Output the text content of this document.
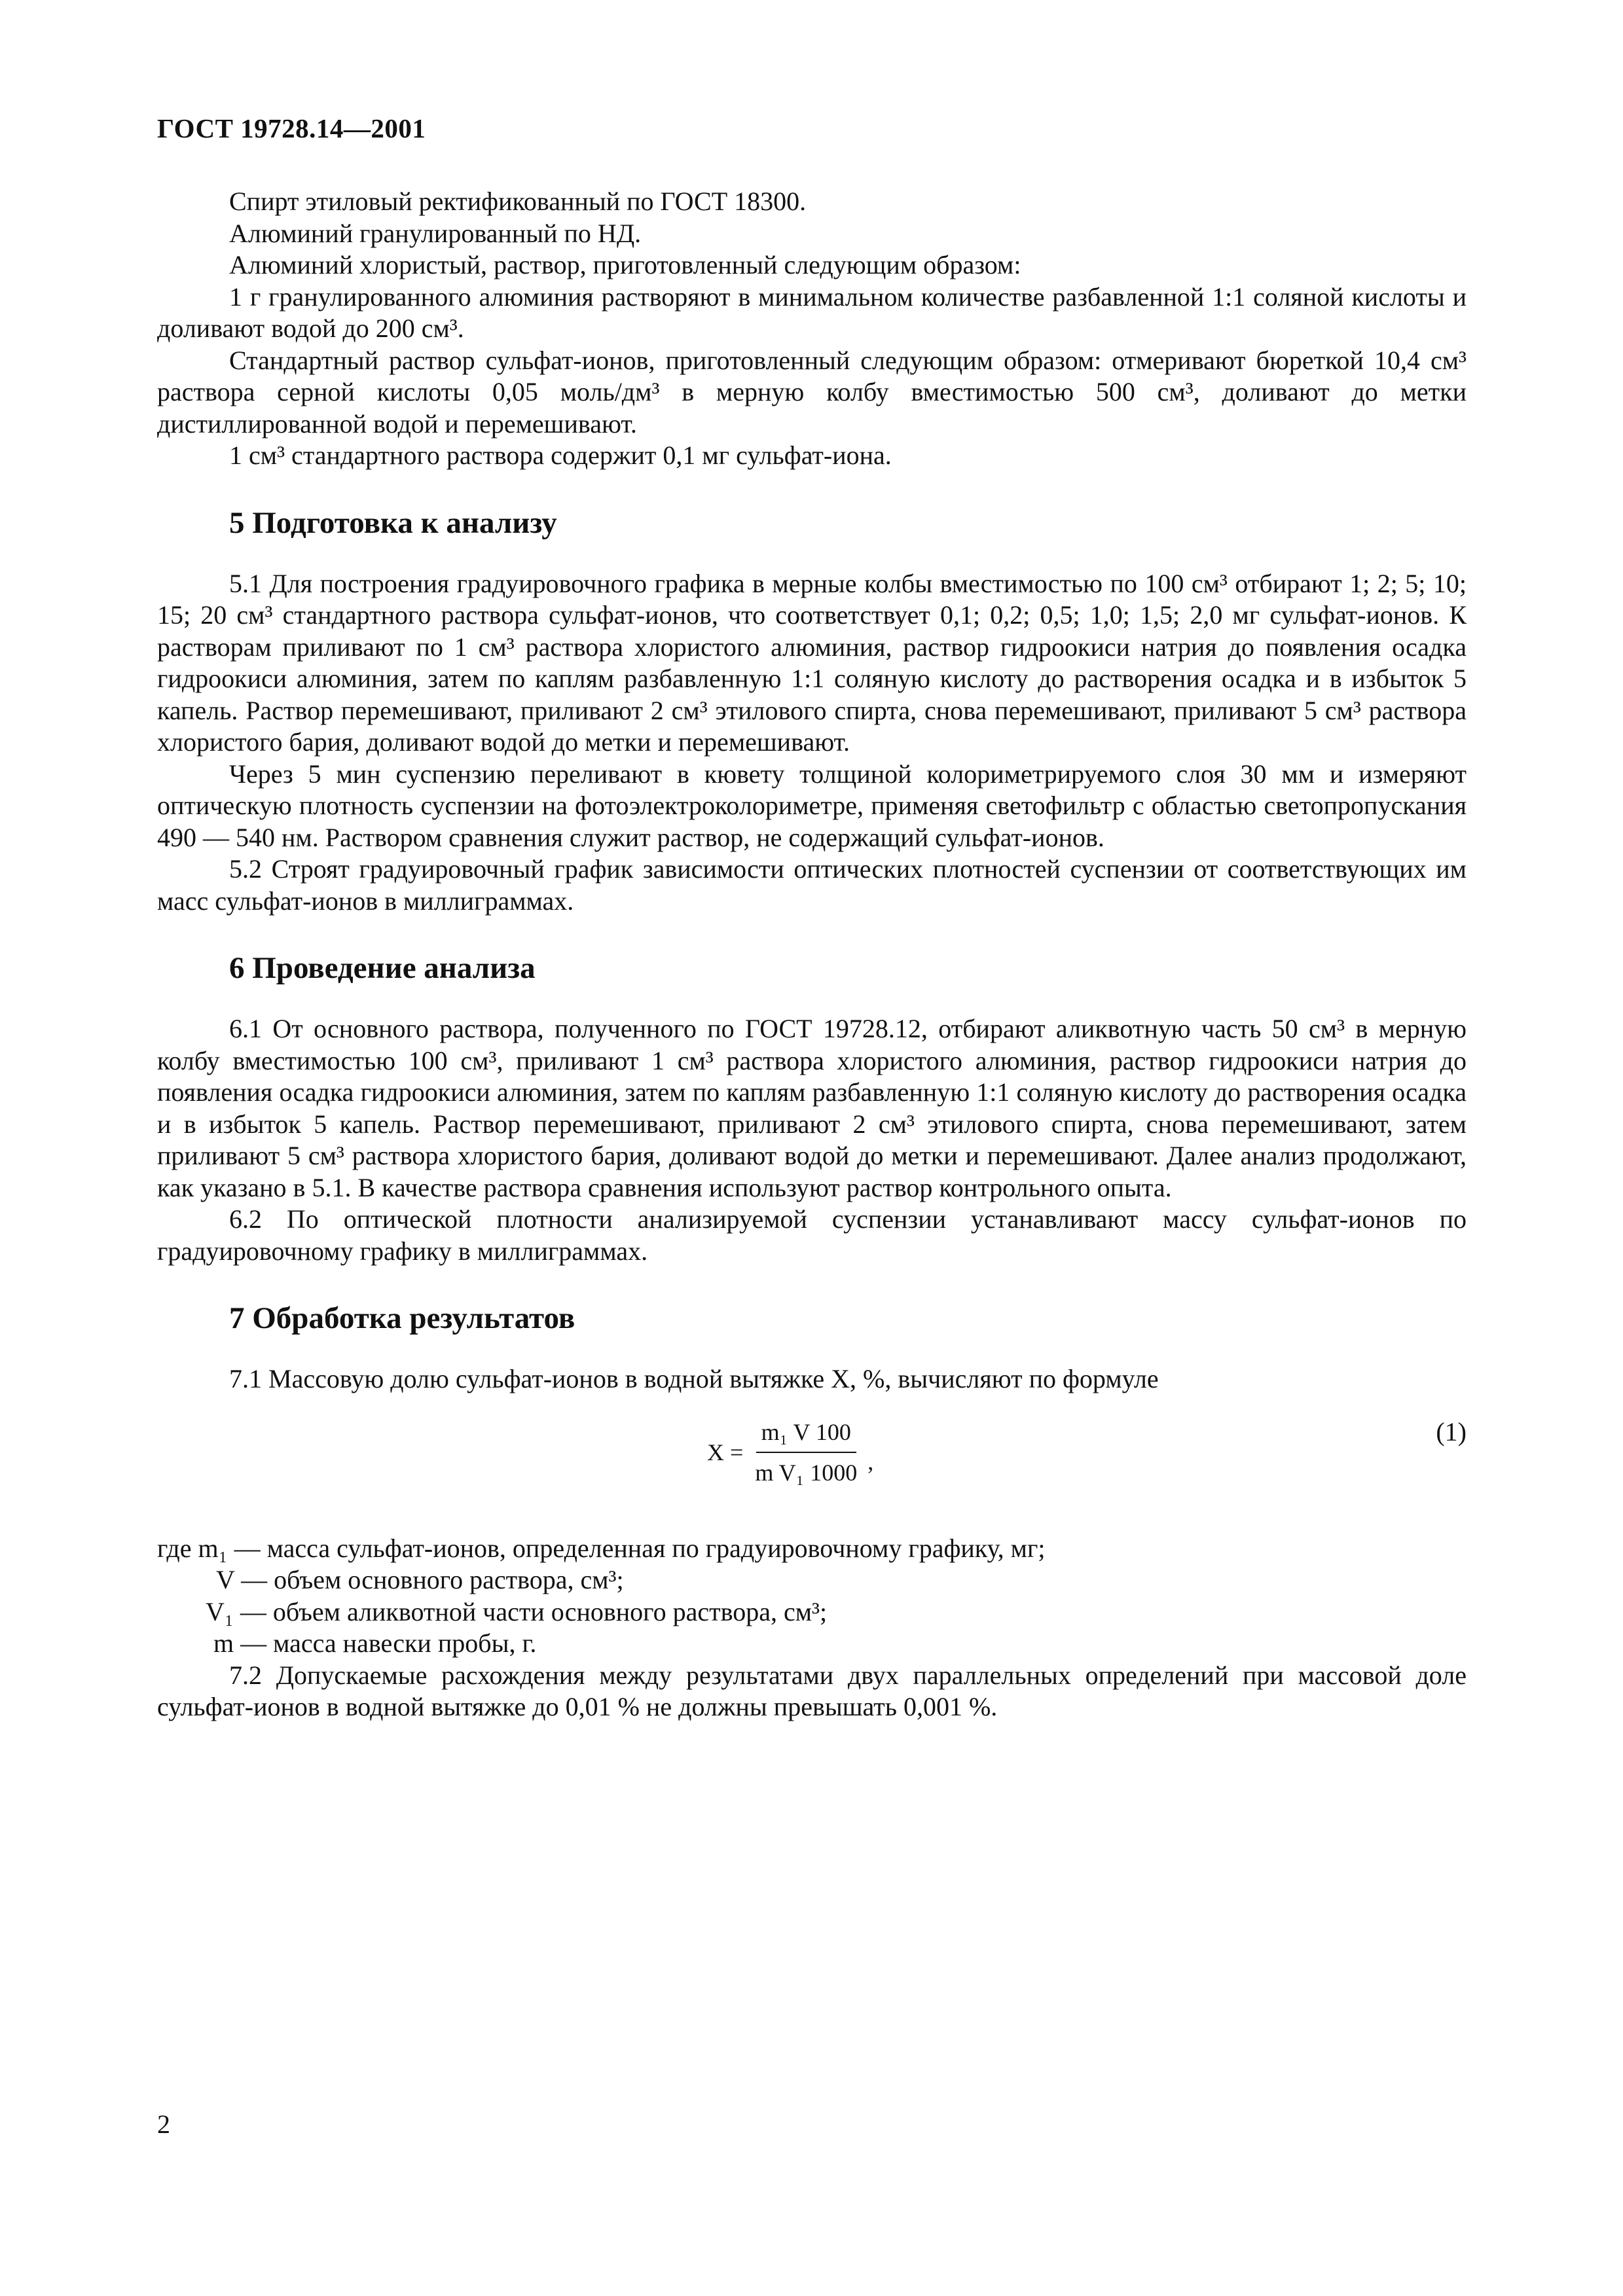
ГОСТ 19728.14—2001

Спирт этиловый ректификованный по ГОСТ 18300.

Алюминий гранулированный по НД.

Алюминий хлористый, раствор, приготовленный следующим образом:

1 г гранулированного алюминия растворяют в минимальном количестве разбавленной 1:1 соляной кислоты и доливают водой до 200 см³.

Стандартный раствор сульфат-ионов, приготовленный следующим образом: отмеривают бюреткой 10,4 см³ раствора серной кислоты 0,05 моль/дм³ в мерную колбу вместимостью 500 см³, доливают до метки дистиллированной водой и перемешивают.

1 см³ стандартного раствора содержит 0,1 мг сульфат-иона.

5 Подготовка к анализу

5.1 Для построения градуировочного графика в мерные колбы вместимостью по 100 см³ отбирают 1; 2; 5; 10; 15; 20 см³ стандартного раствора сульфат-ионов, что соответствует 0,1; 0,2; 0,5; 1,0; 1,5; 2,0 мг сульфат-ионов. К растворам приливают по 1 см³ раствора хлористого алюминия, раствор гидроокиси натрия до появления осадка гидроокиси алюминия, затем по каплям разбавленную 1:1 соляную кислоту до растворения осадка и в избыток 5 капель. Раствор перемешивают, приливают 2 см³ этилового спирта, снова перемешивают, приливают 5 см³ раствора хлористого бария, доливают водой до метки и перемешивают.

Через 5 мин суспензию переливают в кювету толщиной колориметрируемого слоя 30 мм и измеряют оптическую плотность суспензии на фотоэлектроколориметре, применяя светофильтр с областью светопропускания 490 — 540 нм. Раствором сравнения служит раствор, не содержащий сульфат-ионов.

5.2 Строят градуировочный график зависимости оптических плотностей суспензии от соответствующих им масс сульфат-ионов в миллиграммах.

6 Проведение анализа

6.1 От основного раствора, полученного по ГОСТ 19728.12, отбирают аликвотную часть 50 см³ в мерную колбу вместимостью 100 см³, приливают 1 см³ раствора хлористого алюминия, раствор гидроокиси натрия до появления осадка гидроокиси алюминия, затем по каплям разбавленную 1:1 соляную кислоту до растворения осадка и в избыток 5 капель. Раствор перемешивают, приливают 2 см³ этилового спирта, снова перемешивают, затем приливают 5 см³ раствора хлористого бария, доливают водой до метки и перемешивают. Далее анализ продолжают, как указано в 5.1. В качестве раствора сравнения используют раствор контрольного опыта.

6.2 По оптической плотности анализируемой суспензии устанавливают массу сульфат-ионов по градуировочному графику в миллиграммах.

7 Обработка результатов

7.1 Массовую долю сульфат-ионов в водной вытяжке X, %, вычисляют по формуле

$X = \frac{\text{m₁ V 100}}{\text{m V₁ 1000}}$ ,
(1)

где m₁ — масса сульфат-ионов, определенная по градуировочному графику, мг;

V — объем основного раствора, см³;

V₁ — объем аликвотной части основного раствора, см³;

m — масса навески пробы, г.

7.2 Допускаемые расхождения между результатами двух параллельных определений при массовой доле сульфат-ионов в водной вытяжке до 0,01 % не должны превышать 0,001 %.

2
